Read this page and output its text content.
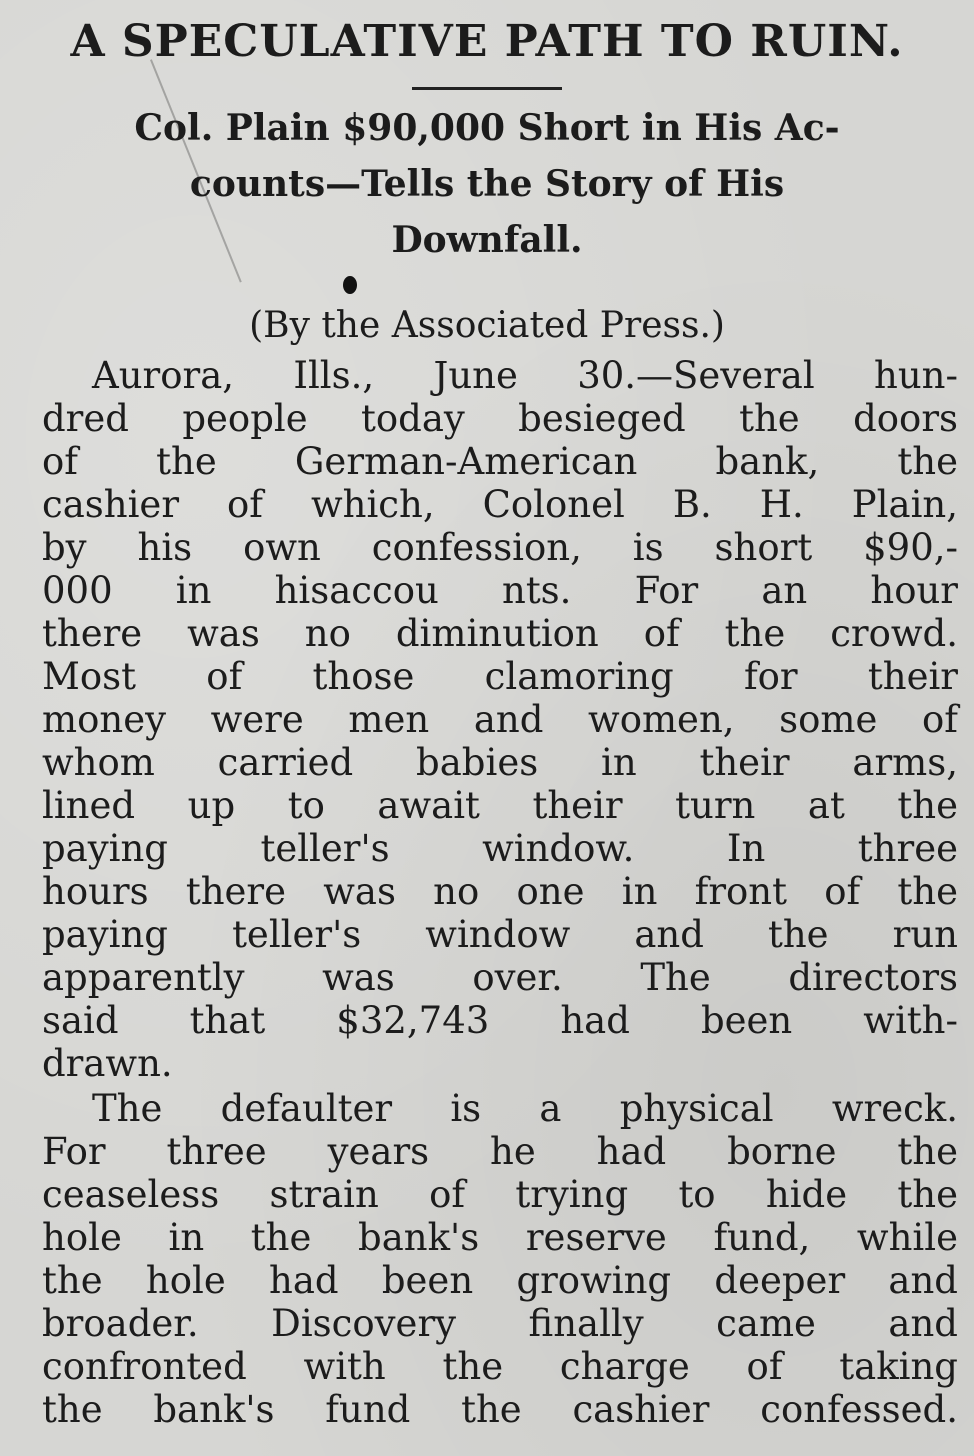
A SPECULATIVE PATH TO RUIN.
Col. Plain $90,000 Short in His Ac-
counts—Tells the Story of His
Downfall.

(By the Associated Press.)

Aurora, Ills., June 30.—Several hun-
dred people today besieged the doors
of the German-American bank, the
cashier of which, Colonel B. H. Plain,
by his own confession, is short $90,-
000 in hisaccou nts. For an hour
there was no diminution of the crowd.
Most of those clamoring for their
money were men and women, some of
whom carried babies in their arms,
lined up to await their turn at the
paying teller's window. In three
hours there was no one in front of the
paying teller's window and the run
apparently was over. The directors
said that $32,743 had been with-
drawn.
The defaulter is a physical wreck.
For three years he had borne the
ceaseless strain of trying to hide the
hole in the bank's reserve fund, while
the hole had been growing deeper and
broader. Discovery finally came and
confronted with the charge of taking
the bank's fund the cashier confessed.
